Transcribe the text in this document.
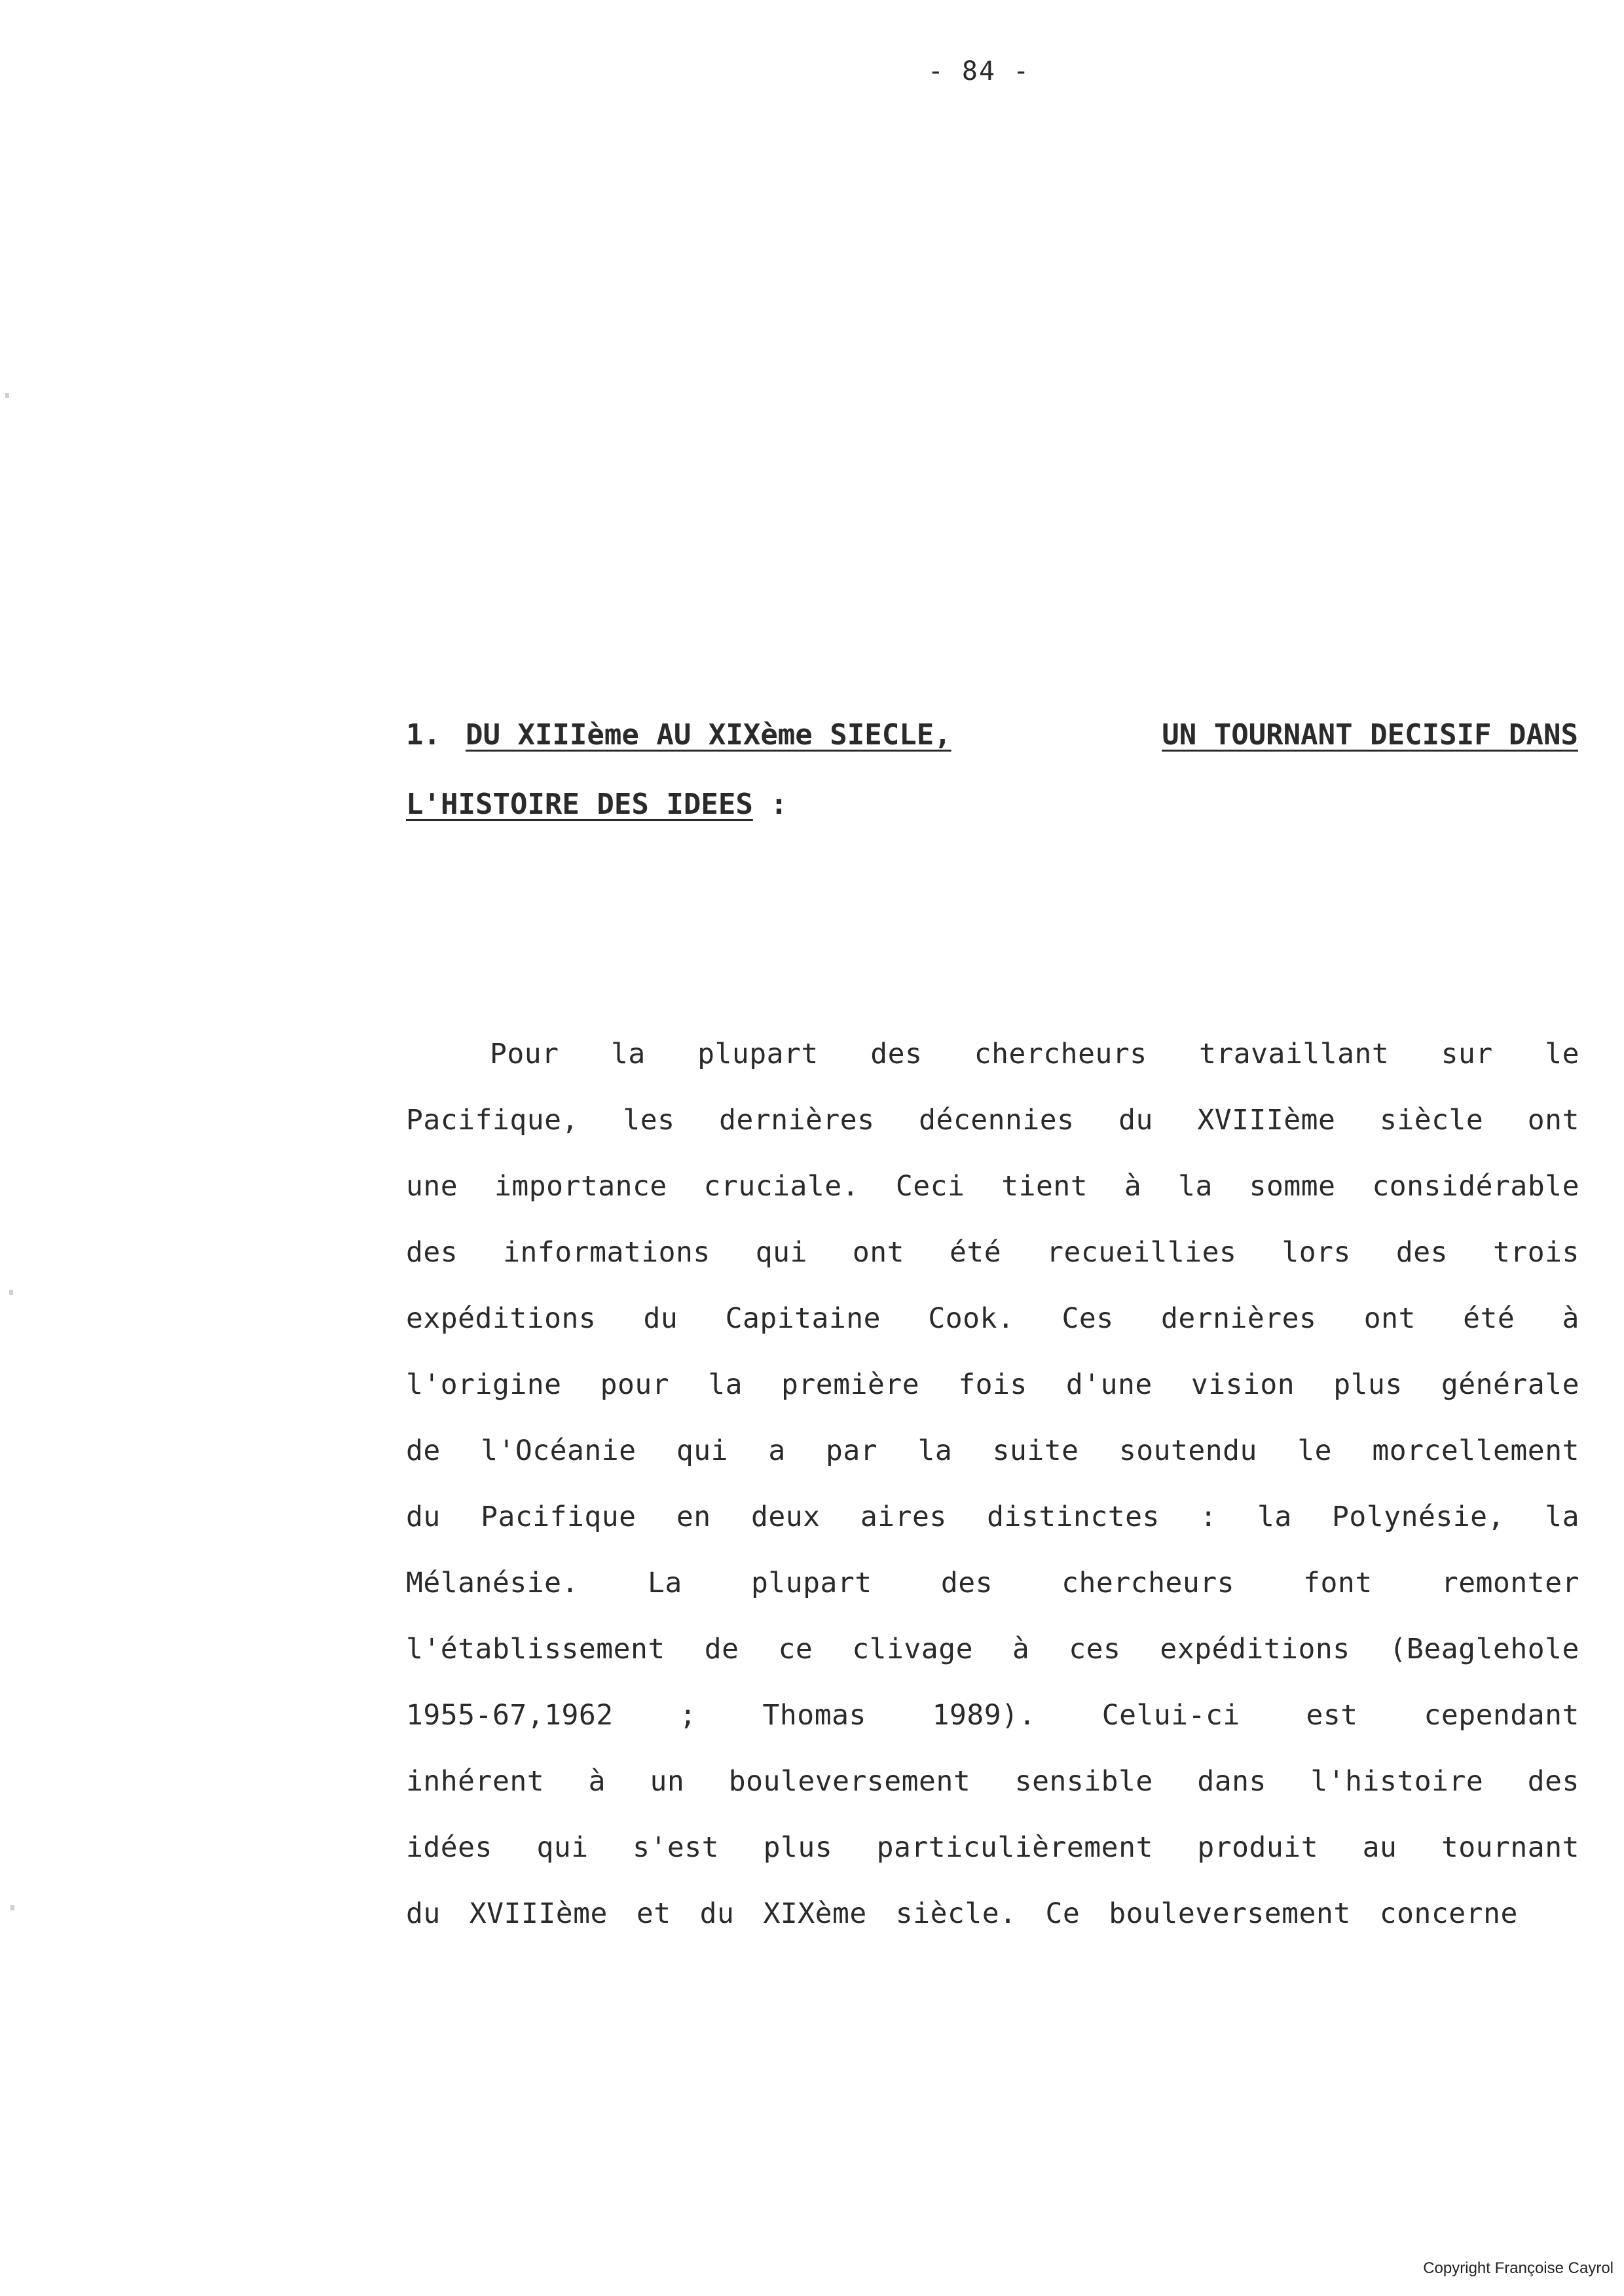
- 84 -
1. DU XIIIème AU XIXème SIECLE,	UN TOURNANT DECISIF DANS
L'HISTOIRE DES IDEES :
Pour la plupart des chercheurs travaillant sur le
Pacifique, les dernières décennies du XVIIIème siècle ont
une importance cruciale. Ceci tient à la somme considérable
des informations qui ont été recueillies lors des trois
expéditions du Capitaine Cook. Ces dernières ont été à
l'origine pour la première fois d'une vision plus générale
de l'Océanie qui a par la suite soutendu le morcellement
du Pacifique en deux aires distinctes : la Polynésie, la
Mélanésie. La plupart des chercheurs font remonter
l'établissement de ce clivage à ces expéditions (Beaglehole
1955-67,1962 ; Thomas 1989). Celui-ci est cependant
inhérent à un bouleversement sensible dans l'histoire des
idées qui s'est plus particulièrement produit au tournant
du XVIIIème et du XIXème siècle. Ce bouleversement concerne
Copyright Françoise Cayrol
